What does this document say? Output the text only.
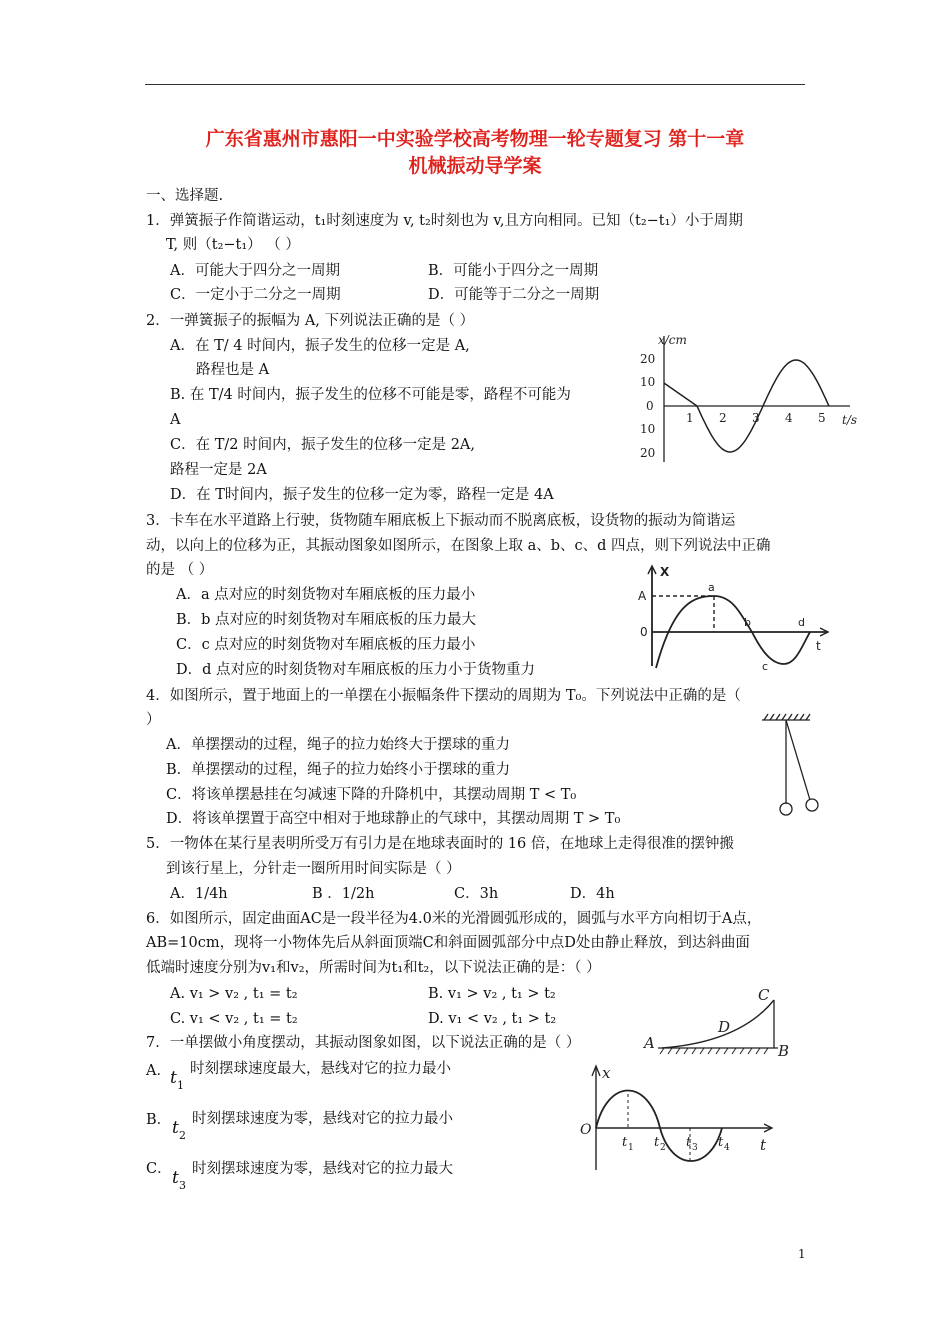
广东省惠州市惠阳一中实验学校高考物理一轮专题复习 第十一章
机械振动导学案
一、选择题.
1．弹簧振子作简谐运动，t₁时刻速度为 v, t₂时刻也为 v,且方向相同。已知（t₂−t₁）小于周期
T, 则（t₂−t₁） （ ）
A．可能大于四分之一周期	B．可能小于四分之一周期
C．一定小于二分之一周期	D．可能等于二分之一周期
2．一弹簧振子的振幅为 A, 下列说法正确的是（ ）
A．在 T/ 4 时间内，振子发生的位移一定是 A,
路程也是 A
B. 在 T/4 时间内，振子发生的位移不可能是零，路程不可能为
A
C．在 T/2 时间内，振子发生的位移一定是 2A,
路程一定是 2A
D．在 T时间内，振子发生的位移一定为零，路程一定是 4A
x/cm
t/s
20
10
0
10
20
1 2 3 4 5
3．卡车在水平道路上行驶，货物随车厢底板上下振动而不脱离底板，设货物的振动为简谐运
动，以向上的位移为正，其振动图象如图所示，在图象上取 a、b、c、d 四点，则下列说法中正确
的是 （ ）
A．a 点对应的时刻货物对车厢底板的压力最小
B．b 点对应的时刻货物对车厢底板的压力最大
C．c 点对应的时刻货物对车厢底板的压力最小
D．d 点对应的时刻货物对车厢底板的压力小于货物重力
X
t
A
0
a
b
c
d
4．如图所示，置于地面上的一单摆在小振幅条件下摆动的周期为 T₀。下列说法中正确的是（
）
A．单摆摆动的过程，绳子的拉力始终大于摆球的重力
B．单摆摆动的过程，绳子的拉力始终小于摆球的重力
C．将该单摆悬挂在匀减速下降的升降机中，其摆动周期 T < T₀
D．将该单摆置于高空中相对于地球静止的气球中，其摆动周期 T > T₀
5．一物体在某行星表明所受万有引力是在地球表面时的 16 倍，在地球上走得很准的摆钟搬
到该行星上，分针走一圈所用时间实际是（ ）
A．1/4h	B ．1/2h	C．3h	D．4h
6．如图所示，固定曲面AC是一段半径为4.0米的光滑圆弧形成的，圆弧与水平方向相切于A点，
AB=10cm，现将一小物体先后从斜面顶端C和斜面圆弧部分中点D处由静止释放，到达斜曲面
低端时速度分别为v₁和v₂，所需时间为t₁和t₂，以下说法正确的是：（ ）
A. v₁ > v₂ , t₁ = t₂	B. v₁ > v₂ , t₁ > t₂
C. v₁ < v₂ , t₁ = t₂	D. v₁ < v₂ , t₁ > t₂
C
D
A	B
7．一单摆做小角度摆动，其振动图象如图，以下说法正确的是（ ）
A． t 1
时刻摆球速度最大，悬线对它的拉力最小
B． t 2
时刻摆球速度为零，悬线对它的拉力最小
C． t 3
时刻摆球速度为零，悬线对它的拉力最大
x
t
O
t 1 t 2 t 3 t 4
1
